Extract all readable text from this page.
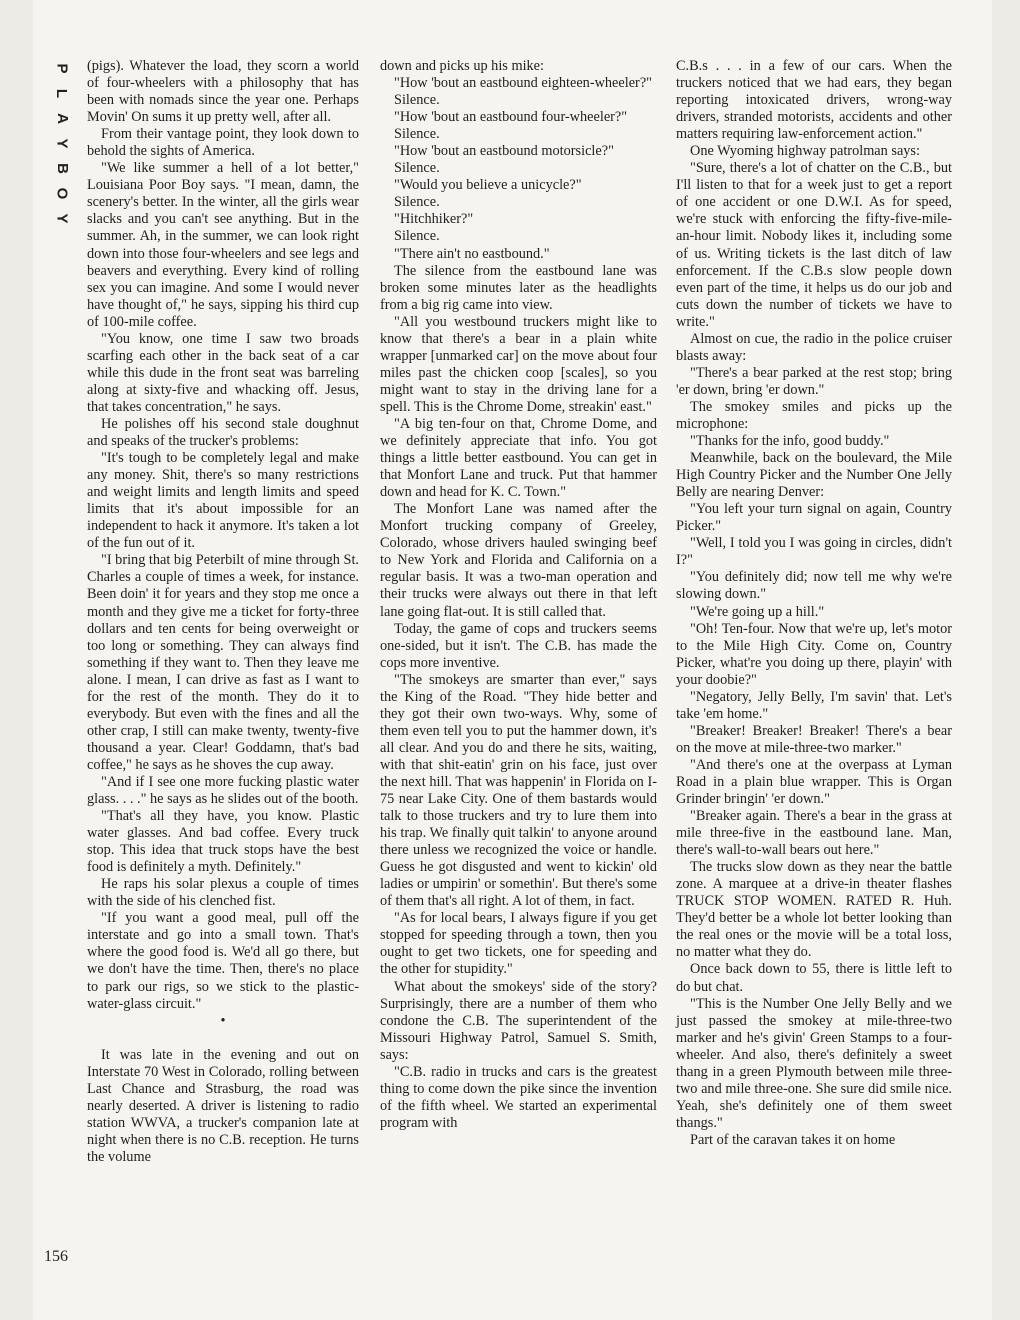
P
L
A
Y
B
O
Y

(pigs). Whatever the load, they scorn a world of four-wheelers with a philosophy that has been with nomads since the year one. Perhaps Movin' On sums it up pretty well, after all.

From their vantage point, they look down to behold the sights of America.

"We like summer a hell of a lot better," Louisiana Poor Boy says. "I mean, damn, the scenery's better. In the winter, all the girls wear slacks and you can't see anything. But in the summer. Ah, in the summer, we can look right down into those four-wheelers and see legs and beavers and everything. Every kind of rolling sex you can imagine. And some I would never have thought of," he says, sipping his third cup of 100-mile coffee.

"You know, one time I saw two broads scarfing each other in the back seat of a car while this dude in the front seat was barreling along at sixty-five and whacking off. Jesus, that takes concentration," he says.

He polishes off his second stale doughnut and speaks of the trucker's problems:

"It's tough to be completely legal and make any money. Shit, there's so many restrictions and weight limits and length limits and speed limits that it's about impossible for an independent to hack it anymore. It's taken a lot of the fun out of it.

"I bring that big Peterbilt of mine through St. Charles a couple of times a week, for instance. Been doin' it for years and they stop me once a month and they give me a ticket for forty-three dollars and ten cents for being overweight or too long or something. They can always find something if they want to. Then they leave me alone. I mean, I can drive as fast as I want to for the rest of the month. They do it to everybody. But even with the fines and all the other crap, I still can make twenty, twenty-five thousand a year. Clear! Goddamn, that's bad coffee," he says as he shoves the cup away.

"And if I see one more fucking plastic water glass. . . ." he says as he slides out of the booth.

"That's all they have, you know. Plastic water glasses. And bad coffee. Every truck stop. This idea that truck stops have the best food is definitely a myth. Definitely."

He raps his solar plexus a couple of times with the side of his clenched fist.

"If you want a good meal, pull off the interstate and go into a small town. That's where the good food is. We'd all go there, but we don't have the time. Then, there's no place to park our rigs, so we stick to the plastic-water-glass circuit."

•

It was late in the evening and out on Interstate 70 West in Colorado, rolling between Last Chance and Strasburg, the road was nearly deserted. A driver is listening to radio station WWVA, a trucker's companion late at night when there is no C.B. reception. He turns the volume

down and picks up his mike:

"How 'bout an eastbound eighteen-wheeler?"

Silence.

"How 'bout an eastbound four-wheeler?"

Silence.

"How 'bout an eastbound motorsicle?"

Silence.

"Would you believe a unicycle?"

Silence.

"Hitchhiker?"

Silence.

"There ain't no eastbound."

The silence from the eastbound lane was broken some minutes later as the headlights from a big rig came into view.

"All you westbound truckers might like to know that there's a bear in a plain white wrapper [unmarked car] on the move about four miles past the chicken coop [scales], so you might want to stay in the driving lane for a spell. This is the Chrome Dome, streakin' east."

"A big ten-four on that, Chrome Dome, and we definitely appreciate that info. You got things a little better eastbound. You can get in that Monfort Lane and truck. Put that hammer down and head for K. C. Town."

The Monfort Lane was named after the Monfort trucking company of Greeley, Colorado, whose drivers hauled swinging beef to New York and Florida and California on a regular basis. It was a two-man operation and their trucks were always out there in that left lane going flat-out. It is still called that.

Today, the game of cops and truckers seems one-sided, but it isn't. The C.B. has made the cops more inventive.

"The smokeys are smarter than ever," says the King of the Road. "They hide better and they got their own two-ways. Why, some of them even tell you to put the hammer down, it's all clear. And you do and there he sits, waiting, with that shit-eatin' grin on his face, just over the next hill. That was happenin' in Florida on I-75 near Lake City. One of them bastards would talk to those truckers and try to lure them into his trap. We finally quit talkin' to anyone around there unless we recognized the voice or handle. Guess he got disgusted and went to kickin' old ladies or umpirin' or somethin'. But there's some of them that's all right. A lot of them, in fact.

"As for local bears, I always figure if you get stopped for speeding through a town, then you ought to get two tickets, one for speeding and the other for stupidity."

What about the smokeys' side of the story? Surprisingly, there are a number of them who condone the C.B. The superintendent of the Missouri Highway Patrol, Samuel S. Smith, says:

"C.B. radio in trucks and cars is the greatest thing to come down the pike since the invention of the fifth wheel. We started an experimental program with

C.B.s . . . in a few of our cars. When the truckers noticed that we had ears, they began reporting intoxicated drivers, wrong-way drivers, stranded motorists, accidents and other matters requiring law-enforcement action."

One Wyoming highway patrolman says:

"Sure, there's a lot of chatter on the C.B., but I'll listen to that for a week just to get a report of one accident or one D.W.I. As for speed, we're stuck with enforcing the fifty-five-mile-an-hour limit. Nobody likes it, including some of us. Writing tickets is the last ditch of law enforcement. If the C.B.s slow people down even part of the time, it helps us do our job and cuts down the number of tickets we have to write."

Almost on cue, the radio in the police cruiser blasts away:

"There's a bear parked at the rest stop; bring 'er down, bring 'er down."

The smokey smiles and picks up the microphone:

"Thanks for the info, good buddy."

Meanwhile, back on the boulevard, the Mile High Country Picker and the Number One Jelly Belly are nearing Denver:

"You left your turn signal on again, Country Picker."

"Well, I told you I was going in circles, didn't I?"

"You definitely did; now tell me why we're slowing down."

"We're going up a hill."

"Oh! Ten-four. Now that we're up, let's motor to the Mile High City. Come on, Country Picker, what're you doing up there, playin' with your doobie?"

"Negatory, Jelly Belly, I'm savin' that. Let's take 'em home."

"Breaker! Breaker! Breaker! There's a bear on the move at mile-three-two marker."

"And there's one at the overpass at Lyman Road in a plain blue wrapper. This is Organ Grinder bringin' 'er down."

"Breaker again. There's a bear in the grass at mile three-five in the eastbound lane. Man, there's wall-to-wall bears out here."

The trucks slow down as they near the battle zone. A marquee at a drive-in theater flashes TRUCK STOP WOMEN. RATED R. Huh. They'd better be a whole lot better looking than the real ones or the movie will be a total loss, no matter what they do.

Once back down to 55, there is little left to do but chat.

"This is the Number One Jelly Belly and we just passed the smokey at mile-three-two marker and he's givin' Green Stamps to a four-wheeler. And also, there's definitely a sweet thang in a green Plymouth between mile three-two and mile three-one. She sure did smile nice. Yeah, she's definitely one of them sweet thangs."

Part of the caravan takes it on home

156
